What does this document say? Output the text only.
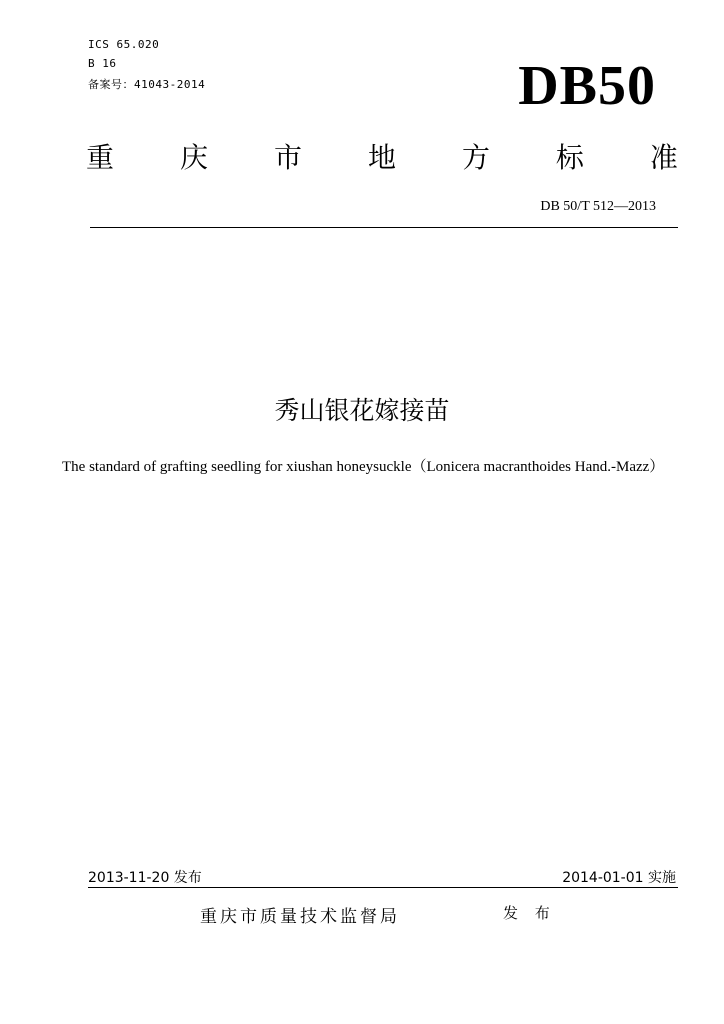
ICS 65.020
B 16
备案号：41043-2014	DB50
重 庆 市 地 方 标 准
DB 50/T 512—2013
秀山银花嫁接苗
The standard of grafting seedling for xiushan honeysuckle（Lonicera macranthoides Hand.-Mazz）
2013-11-20 发布	2014-01-01 实施
重庆市质量技术监督局	发 布
